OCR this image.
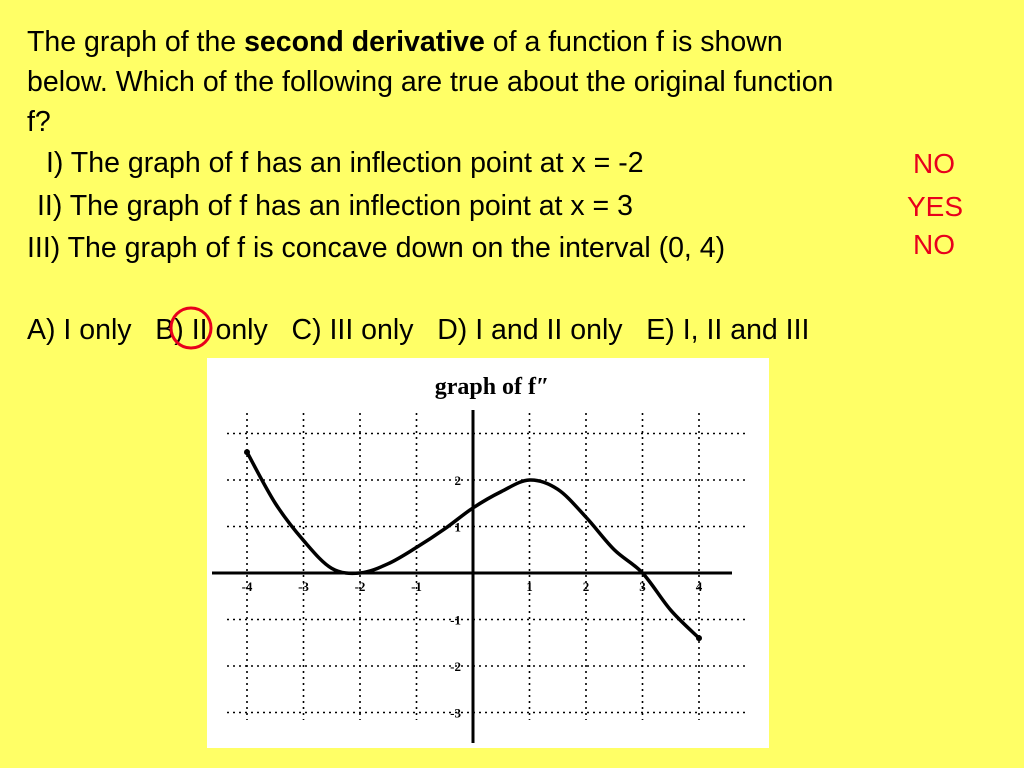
The graph of the second derivative of a function f is shown
below. Which of the following are true about the original function
f?
I) The graph of f has an inflection point at x = -2
II) The graph of f has an inflection point at x = 3
III) The graph of f is concave down on the interval (0, 4)
NO
YES
NO
A) I only   B) II only   C) III only   D) I and II only   E) I, II and III
graph of f″
-4	-3	-2	-1	1	2	3	4
2
1
-1
-2
-3
